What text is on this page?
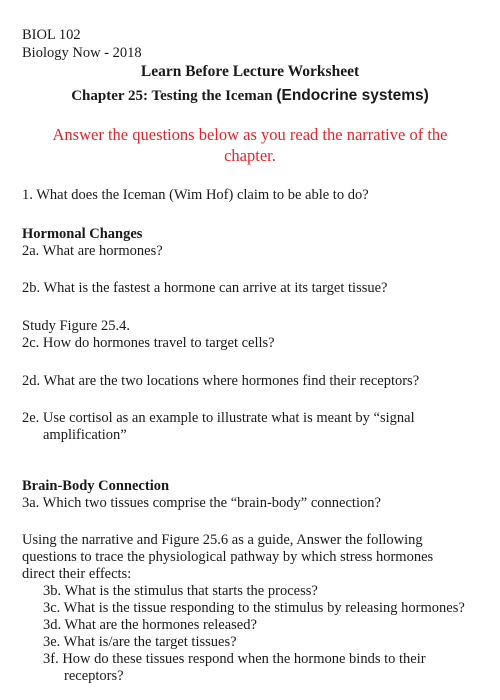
BIOL 102
Biology Now - 2018
Learn Before Lecture Worksheet
Chapter 25: Testing the Iceman (Endocrine systems)
Answer the questions below as you read the narrative of the
chapter.
1. What does the Iceman (Wim Hof) claim to be able to do?
Hormonal Changes
2a. What are hormones?
2b. What is the fastest a hormone can arrive at its target tissue?
Study Figure 25.4.
2c. How do hormones travel to target cells?
2d. What are the two locations where hormones find their receptors?
2e. Use cortisol as an example to illustrate what is meant by “signal
amplification”
Brain-Body Connection
3a. Which two tissues comprise the “brain-body” connection?
Using the narrative and Figure 25.6 as a guide, Answer the following
questions to trace the physiological pathway by which stress hormones
direct their effects:
3b. What is the stimulus that starts the process?
3c. What is the tissue responding to the stimulus by releasing hormones?
3d. What are the hormones released?
3e. What is/are the target tissues?
3f. How do these tissues respond when the hormone binds to their
receptors?
